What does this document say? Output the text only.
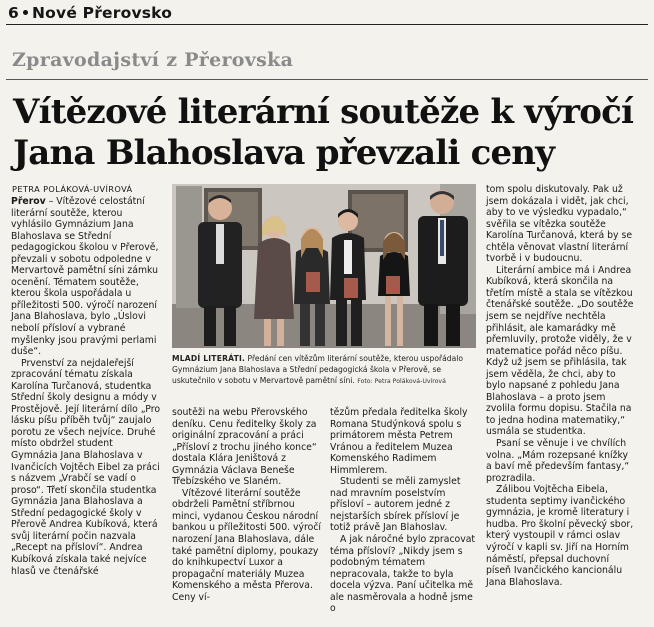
6 Nové Přerovsko
Zpravodajství z Přerovska
Vítězové literární soutěže k výročí
Jana Blahoslava převzali ceny
PETRA POLÁKOVÁ-UVÍROVÁ

Přerov – Vítězové celostátní literární soutěže, kterou vyhlásilo Gymnázium Jana Blahoslava se Střední pedagogickou školou v Přerově, převzali v sobotu odpoledne v Mervartově pamětní síni zámku ocenění. Tématem soutěže, kterou škola uspořádala u příležitosti 500. výročí narození Jana Blahoslava, bylo „Úslovi nebolí přísloví a vybrané myšlenky jsou pravými perlami duše“.

Prvenství za nejdaleřejší zpracování tématu získala Karolína Turčanová, studentka Střední školy designu a módy v Prostějově. Její literární dílo „Pro lásku píšu příběh tvůj“ zaujalo porotu ze všech nejvíce. Druhé místo obdržel student Gymnázia Jana Blahoslava v Ivančicích Vojtěch Eibel za práci s názvem „Vrabčí se vadí o proso“. Třetí skončila studentka Gymnázia Jana Blahoslava a Střední pedagogické školy v Přerově Andrea Kubíková, která svůj literární počin nazvala „Recept na přísloví“. Andrea Kubíková získala také nejvíce hlasů ve čtenářské

MLADÍ LITERÁTI. Předání cen vítězům literární soutěže, kterou uspořádalo Gymnázium Jana Blahoslava a Střední pedagogická škola v Přerově, se uskutečnilo v sobotu v Mervartově pamětní síni. Foto: Petra Poláková-Uvírová

soutěži na webu Přerovského deníku. Cenu ředitelky školy za originální zpracování a práci „Přísloví z trochu jiného konce“ dostala Klára Jeništová z Gymnázia Václava Beneše Třebízského ve Slaném.

Vítězové literární soutěže obdrželi Pamětní stříbrnou minci, vydanou Českou národní bankou u příležitosti 500. výročí narození Jana Blahoslava, dále také pamětní diplomy, poukazy do knihkupectví Luxor a propagační materiály Muzea Komenského a města Přerova. Ceny ví-

tězům předala ředitelka školy Romana Studýnková spolu s primátorem města Petrem Vránou a ředitelem Muzea Komenského Radimem Himmlerem.

Studenti se měli zamyslet nad mravním poselstvím přísloví – autorem jedné z nejstarších sbírek přísloví je totiž právě Jan Blahoslav.

A jak náročné bylo zpracovat téma přísloví? „Nikdy jsem s podobným tématem nepracovala, takže to byla docela výzva. Paní učitelka mě ale nasměrovala a hodně jsme o

tom spolu diskutovaly. Pak už jsem dokázala i vidět, jak chci, aby to ve výsledku vypadalo,“ svěřila se vítězka soutěže Karolína Turčanová, která by se chtěla věnovat vlastní literární tvorbě i v budoucnu.

Literární ambice má i Andrea Kubíková, která skončila na třetím místě a stala se vítězkou čtenářské soutěže. „Do soutěže jsem se nejdříve nechtěla přihlásit, ale kamarádky mě přemluvily, protože viděly, že v matematice pořád něco píšu. Když už jsem se přihlásila, tak jsem věděla, že chci, aby to bylo napsané z pohledu Jana Blahoslava – a proto jsem zvolila formu dopisu. Stačila na to jedna hodina matematiky,“ usmála se studentka.

Psaní se věnuje i ve chvílích volna. „Mám rozepsané knížky a baví mě především fantasy,“ prozradila.

Zálibou Vojtěcha Eibela, studenta septimy ivančického gymnázia, je kromě literatury i hudba. Pro školní pěvecký sbor, který vystoupil v rámci oslav výročí v kapli sv. Jiří na Horním náměstí, přepsal duchovní píseň Ivančického kancionálu Jana Blahoslava.
